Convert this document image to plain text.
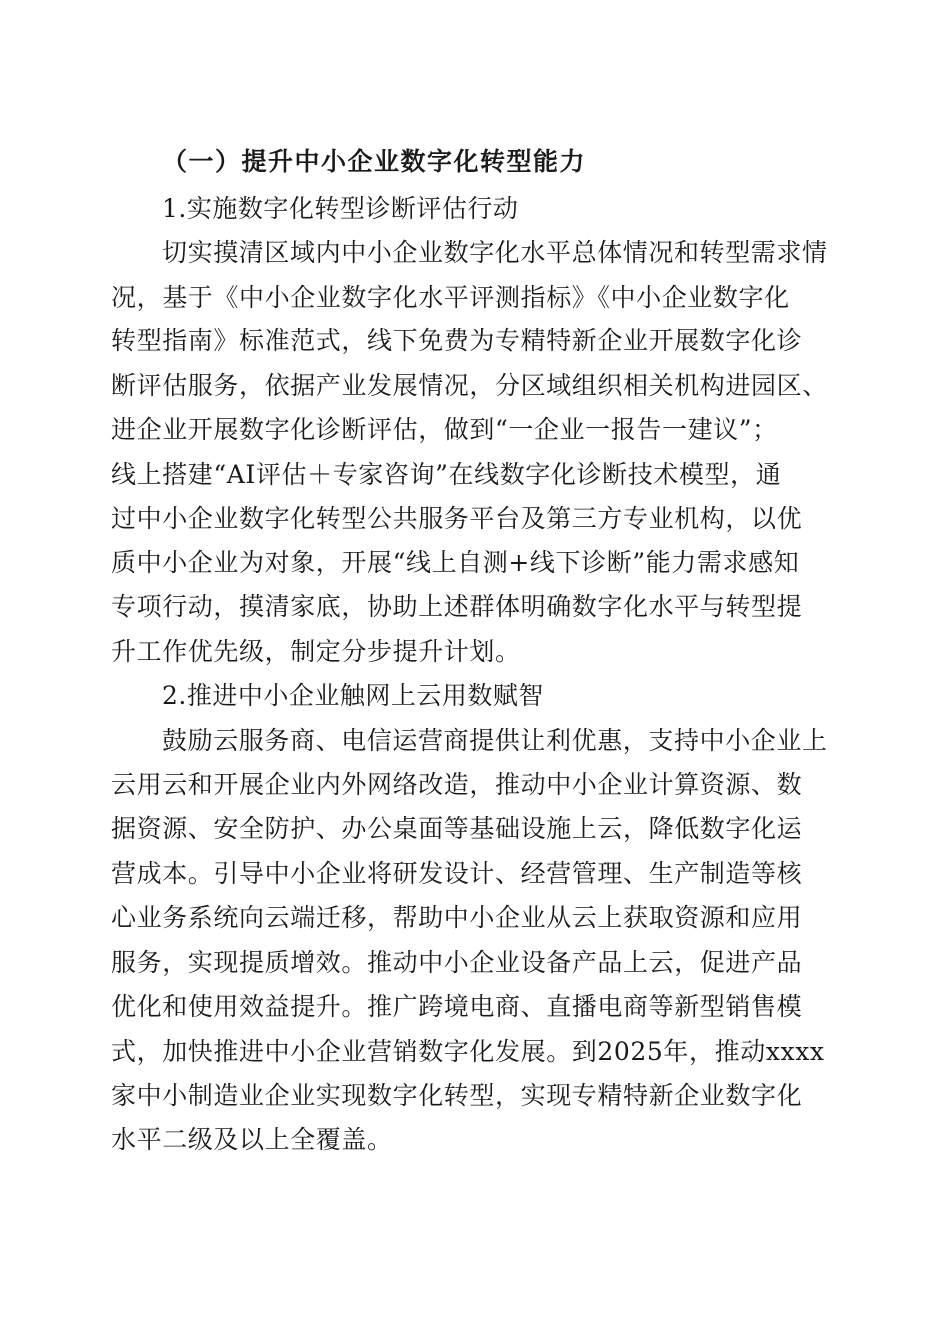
（一）提升中小企业数字化转型能力
1.实施数字化转型诊断评估行动
切实摸清区域内中小企业数字化水平总体情况和转型需求情
况，基于《中小企业数字化水平评测指标》《中小企业数字化
转型指南》标准范式，线下免费为专精特新企业开展数字化诊
断评估服务，依据产业发展情况，分区域组织相关机构进园区、
进企业开展数字化诊断评估，做到“一企业一报告一建议”；
线上搭建“AI评估＋专家咨询”在线数字化诊断技术模型，通
过中小企业数字化转型公共服务平台及第三方专业机构，以优
质中小企业为对象，开展“线上自测+线下诊断”能力需求感知
专项行动，摸清家底，协助上述群体明确数字化水平与转型提
升工作优先级，制定分步提升计划。
2.推进中小企业触网上云用数赋智
鼓励云服务商、电信运营商提供让利优惠，支持中小企业上
云用云和开展企业内外网络改造，推动中小企业计算资源、数
据资源、安全防护、办公桌面等基础设施上云，降低数字化运
营成本。引导中小企业将研发设计、经营管理、生产制造等核
心业务系统向云端迁移，帮助中小企业从云上获取资源和应用
服务，实现提质增效。推动中小企业设备产品上云，促进产品
优化和使用效益提升。推广跨境电商、直播电商等新型销售模
式，加快推进中小企业营销数字化发展。到2025年，推动xxxx
家中小制造业企业实现数字化转型，实现专精特新企业数字化
水平二级及以上全覆盖。
